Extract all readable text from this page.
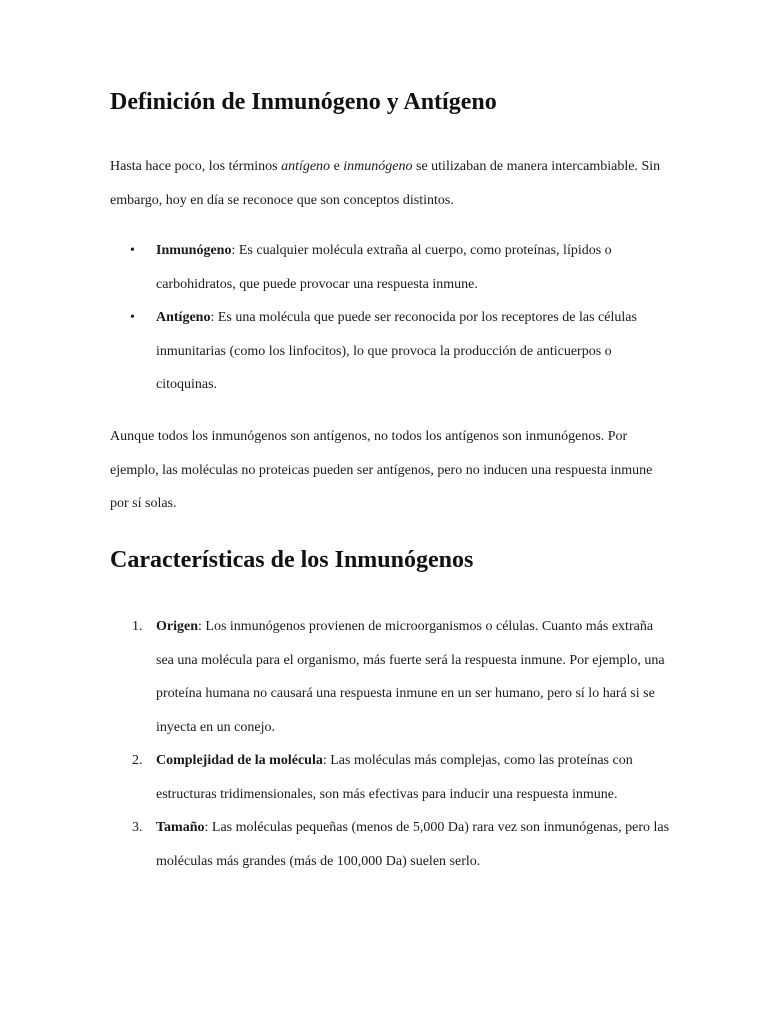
Definición de Inmunógeno y Antígeno

Hasta hace poco, los términos antígeno e inmunógeno se utilizaban de manera intercambiable. Sin embargo, hoy en día se reconoce que son conceptos distintos.

• Inmunógeno: Es cualquier molécula extraña al cuerpo, como proteínas, lípidos o carbohidratos, que puede provocar una respuesta inmune.
• Antígeno: Es una molécula que puede ser reconocida por los receptores de las células inmunitarias (como los linfocitos), lo que provoca la producción de anticuerpos o citoquinas.

Aunque todos los inmunógenos son antígenos, no todos los antígenos son inmunógenos. Por ejemplo, las moléculas no proteicas pueden ser antígenos, pero no inducen una respuesta inmune por sí solas.

Características de los Inmunógenos
1. Origen: Los inmunógenos provienen de microorganismos o células. Cuanto más extraña sea una molécula para el organismo, más fuerte será la respuesta inmune. Por ejemplo, una proteína humana no causará una respuesta inmune en un ser humano, pero sí lo hará si se inyecta en un conejo.
2. Complejidad de la molécula: Las moléculas más complejas, como las proteínas con estructuras tridimensionales, son más efectivas para inducir una respuesta inmune.
3. Tamaño: Las moléculas pequeñas (menos de 5,000 Da) rara vez son inmunógenas, pero las moléculas más grandes (más de 100,000 Da) suelen serlo.
